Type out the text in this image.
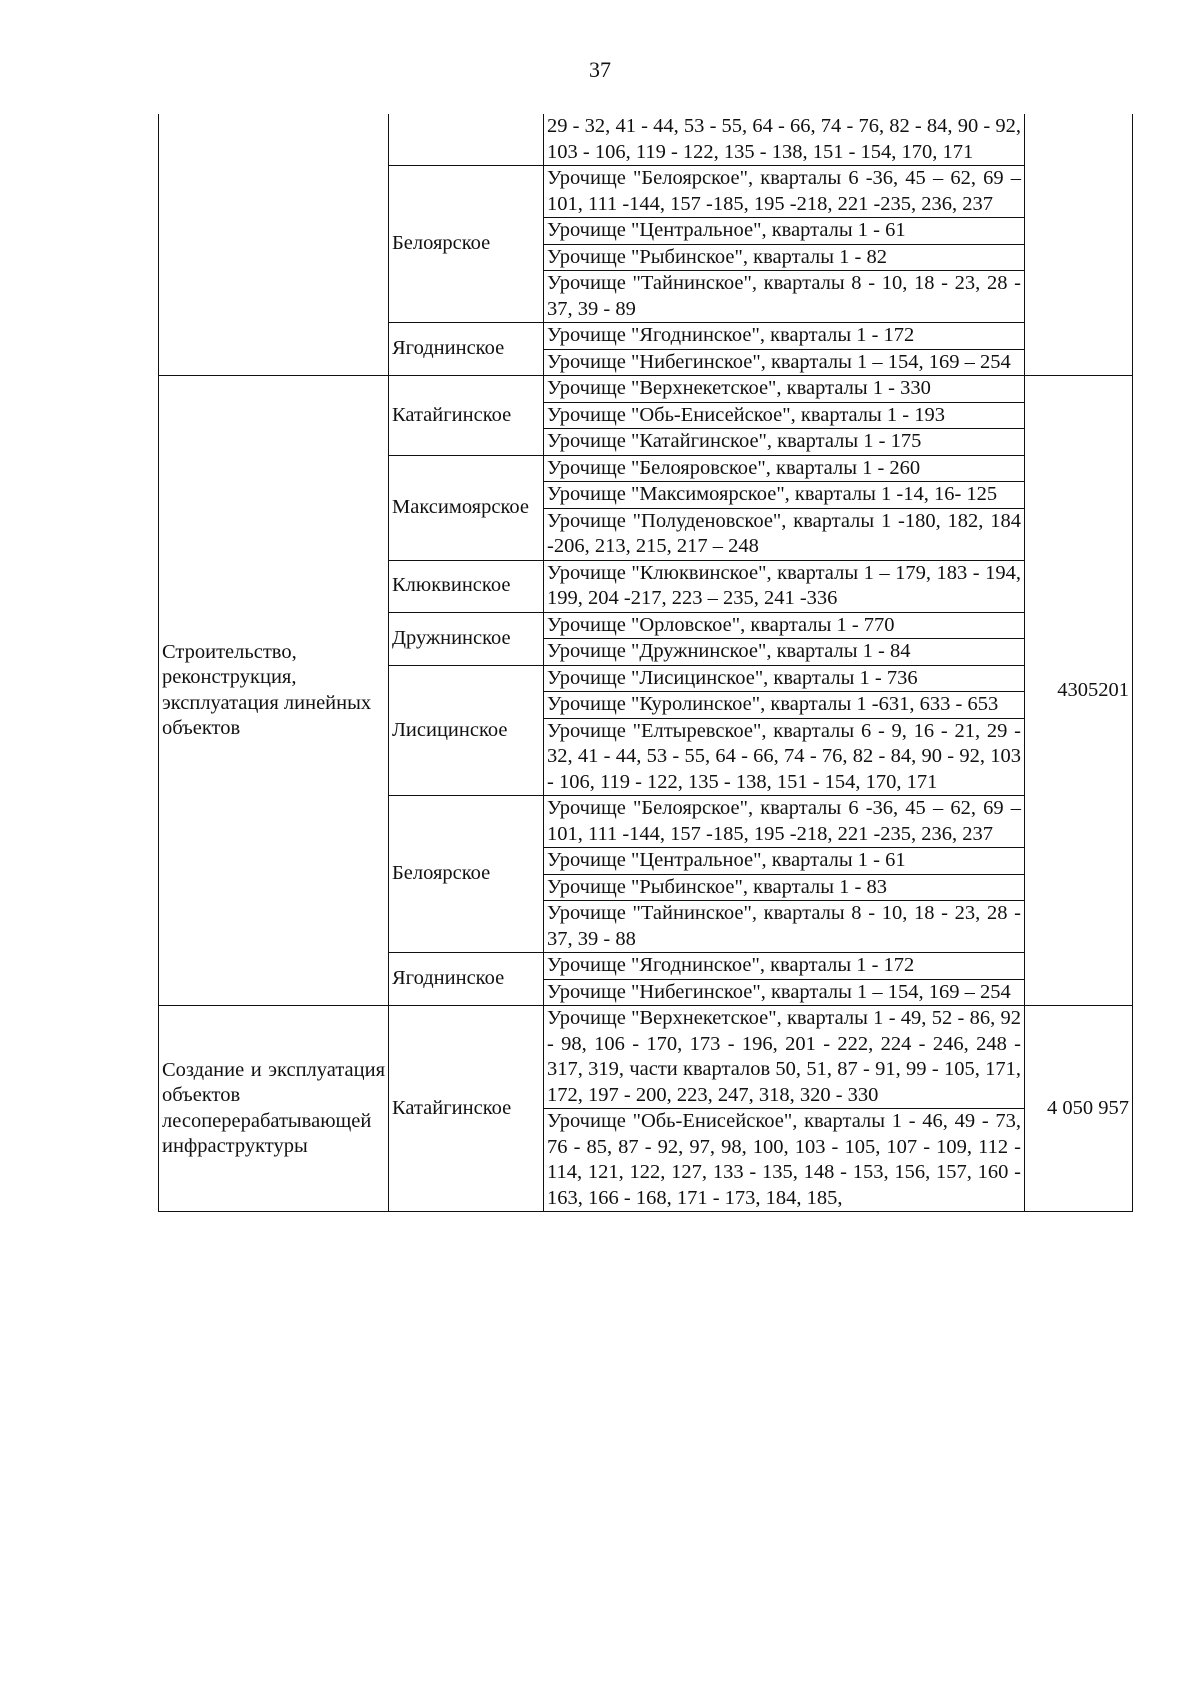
37
		29 - 32, 41 - 44, 53 - 55, 64 - 66, 74 - 76, 82 - 84, 90 - 92, 103 - 106, 119 - 122, 135 - 138, 151 - 154, 170, 171	
	Белоярское	Урочище "Белоярское", кварталы 6 -36, 45 – 62, 69 – 101, 111 -144, 157 -185, 195 -218, 221 -235, 236, 237	
		Урочище "Центральное", кварталы 1 - 61	
		Урочище "Рыбинское", кварталы 1 - 82	
		Урочище "Тайнинское", кварталы 8 - 10, 18 - 23, 28 - 37, 39 - 89	
	Ягоднинское	Урочище "Ягоднинское", кварталы 1 - 172	
		Урочище "Нибегинское", кварталы 1 – 154, 169 – 254	
Строительство, реконструкция, эксплуатация линейных объектов	Катайгинское	Урочище "Верхнекетское", кварталы 1 - 330	4305201
		Урочище "Обь-Енисейское", кварталы 1 - 193	
		Урочище "Катайгинское", кварталы 1 - 175	
	Максимоярское	Урочище "Белояровское", кварталы 1 - 260	
		Урочище "Максимоярское", кварталы 1 -14, 16- 125	
		Урочище "Полуденовское", кварталы 1 -180, 182, 184 -206, 213, 215, 217 – 248	
	Клюквинское	Урочище "Клюквинское", кварталы 1 – 179, 183 - 194, 199, 204 -217, 223 – 235, 241 -336	
	Дружнинское	Урочище "Орловское", кварталы 1 - 770	
		Урочище "Дружнинское", кварталы 1 - 84	
	Лисицинское	Урочище "Лисицинское", кварталы 1 - 736	
		Урочище "Куролинское", кварталы 1 -631, 633 - 653	
		Урочище "Елтыревское", кварталы 6 - 9, 16 - 21, 29 - 32, 41 - 44, 53 - 55, 64 - 66, 74 - 76, 82 - 84, 90 - 92, 103 - 106, 119 - 122, 135 - 138, 151 - 154, 170, 171	
	Белоярское	Урочище "Белоярское", кварталы 6 -36, 45 – 62, 69 – 101, 111 -144, 157 -185, 195 -218, 221 -235, 236, 237	
		Урочище "Центральное", кварталы 1 - 61	
		Урочище "Рыбинское", кварталы 1 - 83	
		Урочище "Тайнинское", кварталы 8 - 10, 18 - 23, 28 - 37, 39 - 88	
	Ягоднинское	Урочище "Ягоднинское", кварталы 1 - 172	
		Урочище "Нибегинское", кварталы 1 – 154, 169 – 254	
Создание и эксплуатация объектов лесоперерабатывающей инфраструктуры	Катайгинское	Урочище "Верхнекетское", кварталы 1 - 49, 52 - 86, 92 - 98, 106 - 170, 173 - 196, 201 - 222, 224 - 246, 248 - 317, 319, части кварталов 50, 51, 87 - 91, 99 - 105, 171, 172, 197 - 200, 223, 247, 318, 320 - 330	4 050 957
		Урочище "Обь-Енисейское", кварталы 1 - 46, 49 - 73, 76 - 85, 87 - 92, 97, 98, 100, 103 - 105, 107 - 109, 112 - 114, 121, 122, 127, 133 - 135, 148 - 153, 156, 157, 160 - 163, 166 - 168, 171 - 173, 184, 185,	
